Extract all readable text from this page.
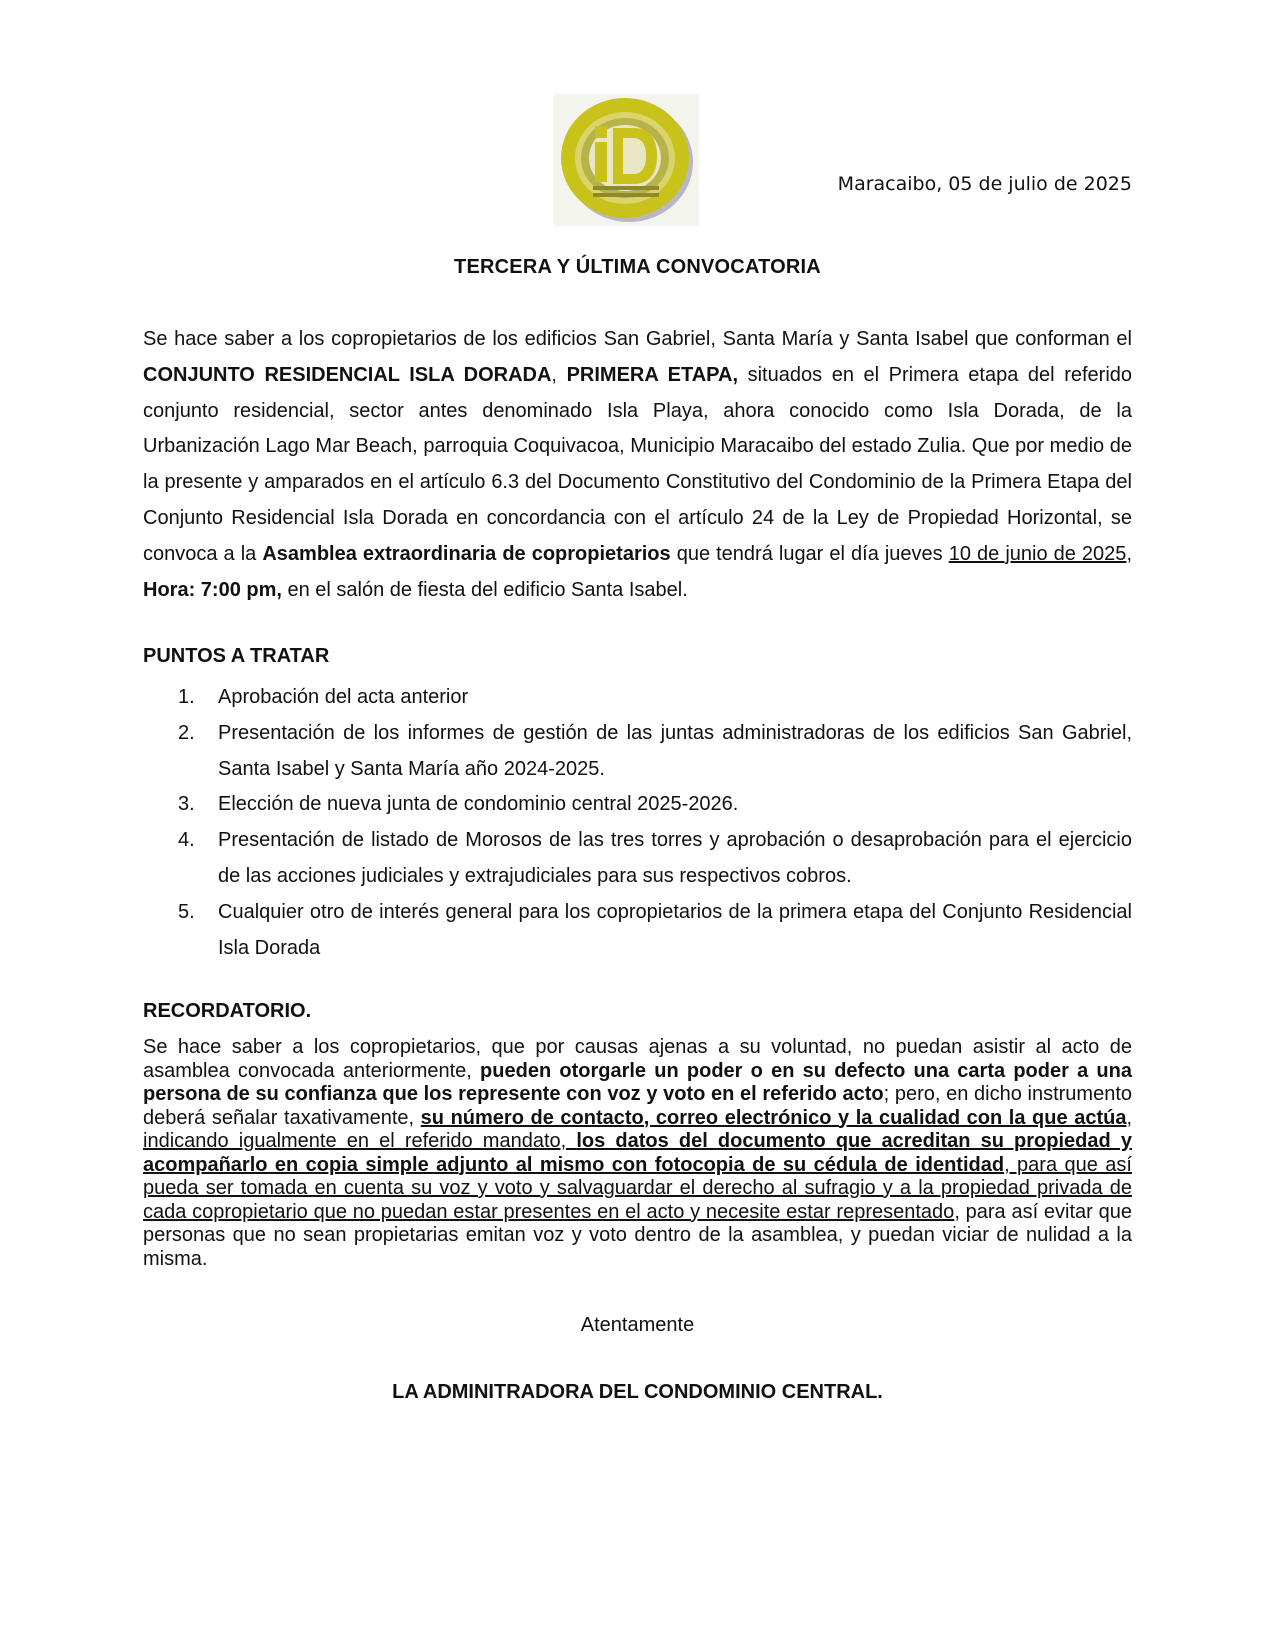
Maracaibo, 05 de julio de 2025
TERCERA Y ÚLTIMA CONVOCATORIA

Se hace saber a los copropietarios de los edificios San Gabriel, Santa María y Santa Isabel que conforman el CONJUNTO RESIDENCIAL ISLA DORADA, PRIMERA ETAPA, situados en el Primera etapa del referido conjunto residencial, sector antes denominado Isla Playa, ahora conocido como Isla Dorada, de la Urbanización Lago Mar Beach, parroquia Coquivacoa, Municipio Maracaibo del estado Zulia. Que por medio de la presente y amparados en el artículo 6.3 del Documento Constitutivo del Condominio de la Primera Etapa del Conjunto Residencial Isla Dorada en concordancia con el artículo 24 de la Ley de Propiedad Horizontal, se convoca a la Asamblea extraordinaria de copropietarios que tendrá lugar el día jueves 10 de junio de 2025, Hora: 7:00 pm, en el salón de fiesta del edificio Santa Isabel.

PUNTOS A TRATAR
1. Aprobación del acta anterior
2. Presentación de los informes de gestión de las juntas administradoras de los edificios San Gabriel, Santa Isabel y Santa María año 2024-2025.
3. Elección de nueva junta de condominio central 2025-2026.
4. Presentación de listado de Morosos de las tres torres y aprobación o desaprobación para el ejercicio de las acciones judiciales y extrajudiciales para sus respectivos cobros.
5. Cualquier otro de interés general para los copropietarios de la primera etapa del Conjunto Residencial Isla Dorada
RECORDATORIO.

Se hace saber a los copropietarios, que por causas ajenas a su voluntad, no puedan asistir al acto de asamblea convocada anteriormente, pueden otorgarle un poder o en su defecto una carta poder a una persona de su confianza que los represente con voz y voto en el referido acto; pero, en dicho instrumento deberá señalar taxativamente, su número de contacto, correo electrónico y la cualidad con la que actúa, indicando igualmente en el referido mandato, los datos del documento que acreditan su propiedad y acompañarlo en copia simple adjunto al mismo con fotocopia de su cédula de identidad, para que así pueda ser tomada en cuenta su voz y voto y salvaguardar el derecho al sufragio y a la propiedad privada de cada copropietario que no puedan estar presentes en el acto y necesite estar representado, para así evitar que personas que no sean propietarias emitan voz y voto dentro de la asamblea, y puedan viciar de nulidad a la misma.

Atentamente
LA ADMINITRADORA DEL CONDOMINIO CENTRAL.
